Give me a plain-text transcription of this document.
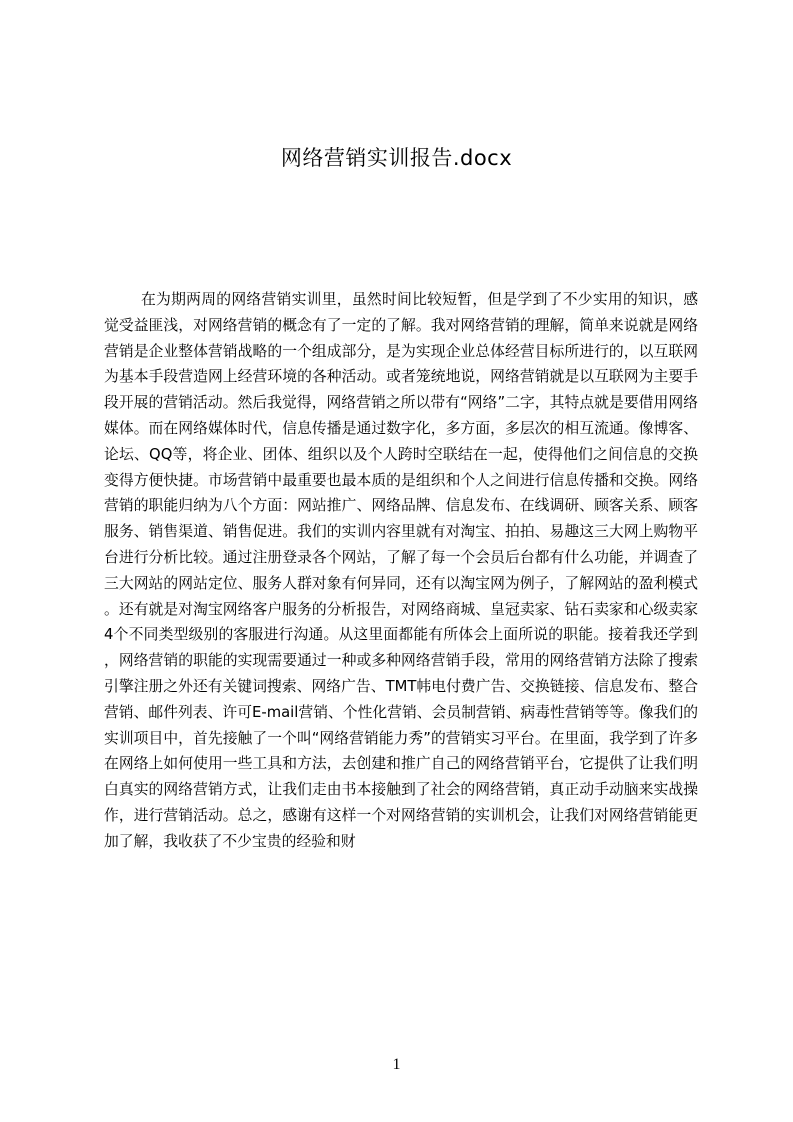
网络营销实训报告.docx

在为期两周的网络营销实训里，虽然时间比较短暂，但是学到了不少实用的知识，感觉受益匪浅，对网络营销的概念有了一定的了解。我对网络营销的理解，简单来说就是网络营销是企业整体营销战略的一个组成部分，是为实现企业总体经营目标所进行的，以互联网为基本手段营造网上经营环境的各种活动。或者笼统地说，网络营销就是以互联网为主要手段开展的营销活动。然后我觉得，网络营销之所以带有“网络”二字，其特点就是要借用网络媒体。而在网络媒体时代，信息传播是通过数字化，多方面，多层次的相互流通。像博客、论坛、QQ等，将企业、团体、组织以及个人跨时空联结在一起，使得他们之间信息的交换变得方便快捷。市场营销中最重要也最本质的是组织和个人之间进行信息传播和交换。网络营销的职能归纳为八个方面：网站推广、网络品牌、信息发布、在线调研、顾客关系、顾客服务、销售渠道、销售促进。我们的实训内容里就有对淘宝、拍拍、易趣这三大网上购物平台进行分析比较。通过注册登录各个网站，了解了每一个会员后台都有什么功能，并调查了三大网站的网站定位、服务人群对象有何异同，还有以淘宝网为例子，了解网站的盈利模式。还有就是对淘宝网络客户服务的分析报告，对网络商城、皇冠卖家、钻石卖家和心级卖家4个不同类型级别的客服进行沟通。从这里面都能有所体会上面所说的职能。接着我还学到，网络营销的职能的实现需要通过一种或多种网络营销手段，常用的网络营销方法除了搜索引擎注册之外还有关键词搜索、网络广告、TMT帏电付费广告、交换链接、信息发布、整合营销、邮件列表、许可E-mail营销、个性化营销、会员制营销、病毒性营销等等。像我们的实训项目中，首先接触了一个叫“网络营销能力秀”的营销实习平台。在里面，我学到了许多在网络上如何使用一些工具和方法，去创建和推广自己的网络营销平台，它提供了让我们明白真实的网络营销方式，让我们走由书本接触到了社会的网络营销，真正动手动脑来实战操作，进行营销活动。总之，感谢有这样一个对网络营销的实训机会，让我们对网络营销能更加了解，我收获了不少宝贵的经验和财

1
